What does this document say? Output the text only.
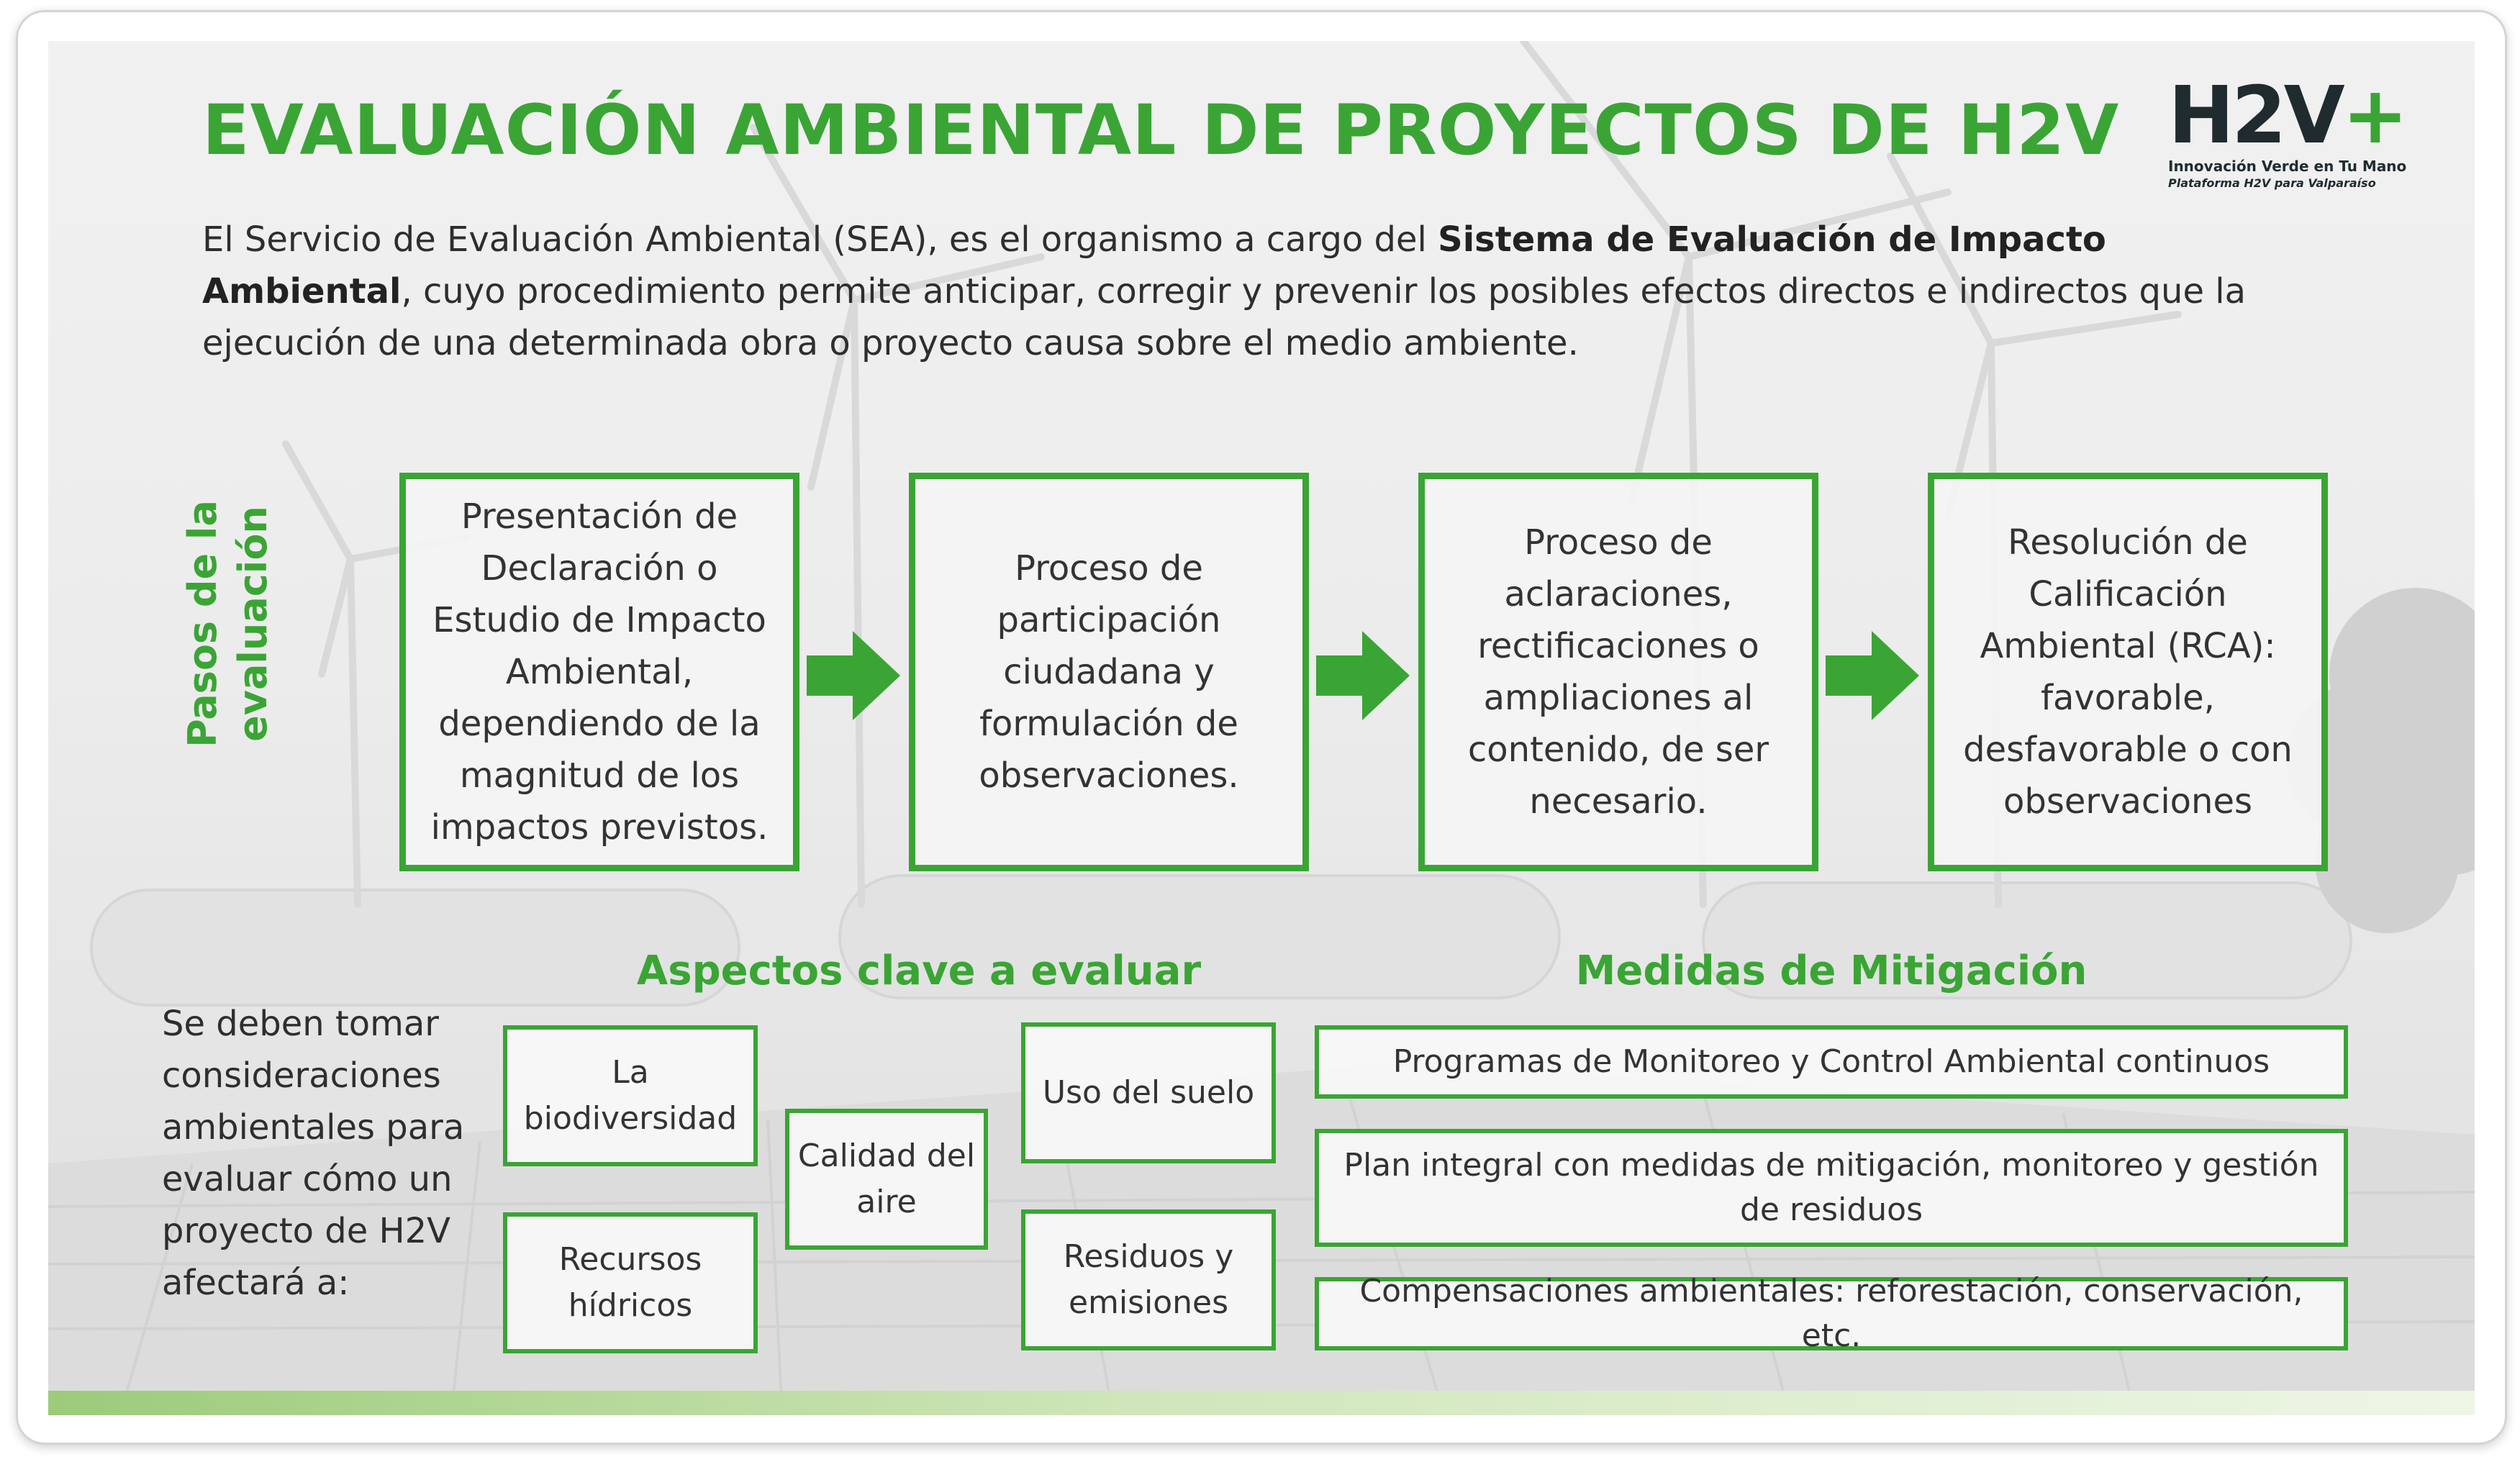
EVALUACIÓN AMBIENTAL DE PROYECTOS DE H2V H2V+
Innovación Verde en Tu Mano
Plataforma H2V para Valparaíso

El Servicio de Evaluación Ambiental (SEA), es el organismo a cargo del Sistema de Evaluación de Impacto Ambiental, cuyo procedimiento permite anticipar, corregir y prevenir los posibles efectos directos e indirectos que la ejecución de una determinada obra o proyecto causa sobre el medio ambiente.

Pasos de la evaluación	Presentación de Declaración o Estudio de Impacto Ambiental, dependiendo de la magnitud de los impactos previstos.
Proceso de participación ciudadana y formulación de observaciones.
Proceso de aclaraciones, rectificaciones o ampliaciones al contenido, de ser necesario.
Resolución de Calificación Ambiental (RCA): favorable, desfavorable o con observaciones
Aspectos clave a evaluar	Medidas de Mitigación

Se deben tomar consideraciones ambientales para evaluar cómo un proyecto de H2V afectará a:

La biodiversidad
Recursos hídricos
Calidad del aire
Uso del suelo
Residuos y emisiones
Programas de Monitoreo y Control Ambiental continuos
Plan integral con medidas de mitigación, monitoreo y gestión de residuos
Compensaciones ambientales: reforestación, conservación, etc.
